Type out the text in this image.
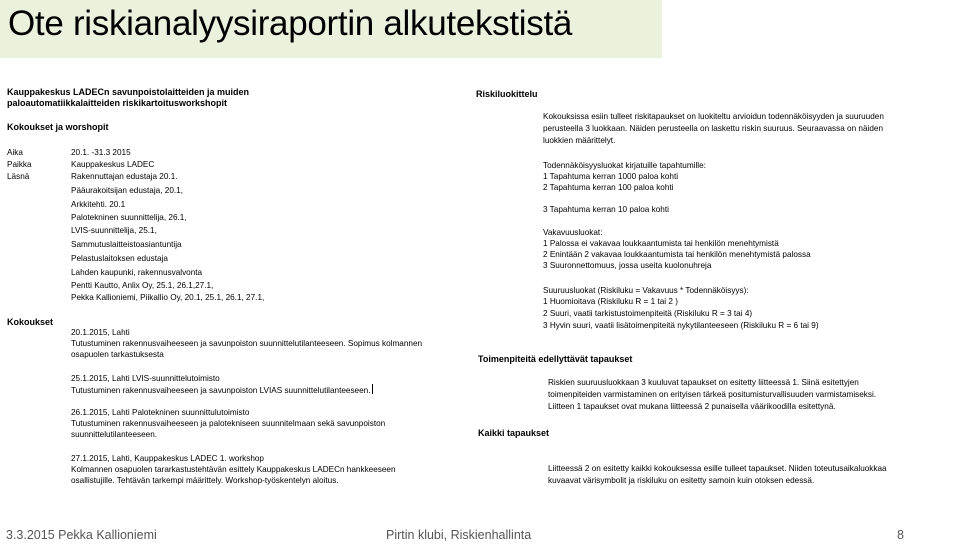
Ote riskianalyysiraportin alkutekstistä
Kauppakeskus LADECn savunpoistolaitteiden ja muiden
paloautomatiikkalaitteiden riskikartoitusworkshopit
Kokoukset ja worshopit
Aika	20.1. -31.3 2015
Paikka	Kauppakeskus LADEC
Läsnä	Rakennuttajan edustaja 20.1.
Pääurakoitsijan edustaja, 20.1,
Arkkitehti. 20.1
Palotekninen suunnittelija, 26.1,
LVIS-suunnittelija, 25.1,
Sammutuslaitteistoasiantuntija
Pelastuslaitoksen edustaja
Lahden kaupunki, rakennusvalvonta
Pentti Kautto, Anlix Oy, 25.1, 26.1,27.1,
Pekka Kallioniemi, Piikallio Oy, 20.1, 25.1, 26.1, 27.1,
Kokoukset
20.1.2015, Lahti
Tutustuminen rakennusvaiheeseen ja savunpoiston suunnittelutilanteeseen. Sopimus kolmannen
osapuolen tarkastuksesta
25.1.2015, Lahti LVIS-suunnittelutoimisto
Tutustuminen rakennusvaiheeseen ja savunpoiston LVIAS suunnittelutilanteeseen.
26.1.2015, Lahti Palotekninen suunnittulutoimisto
Tutustuminen rakennusvaiheeseen ja palotekniseen suunnitelmaan sekä savunpoiston
suunnittelutilanteeseen.
27.1.2015, Lahti, Kauppakeskus LADEC 1. workshop
Kolmannen osapuolen tararkastustehtävän esittely Kauppakeskus LADECn hankkeeseen
osallistujille. Tehtävän tarkempi määrittely. Workshop-työskentelyn aloitus.
Riskiluokittelu
Kokouksissa esiin tulleet riskitapaukset on luokiteltu arvioidun todennäköisyyden ja suuruuden
perusteella 3 luokkaan. Näiden perusteella on laskettu riskin suuruus. Seuraavassa on näiden
luokkien määrittelyt.
Todennäköisyysluokat kirjatuille tapahtumille:
1 Tapahtuma kerran 1000 paloa kohti
2 Tapahtuma kerran 100 paloa kohti
3 Tapahtuma kerran 10 paloa kohti
Vakavuusluokat:
1 Palossa ei vakavaa loukkaantumista tai henkilön menehtymistä
2 Enintään 2 vakavaa loukkaantumista tai henkilön menehtymistä palossa
3 Suuronnettomuus, jossa useita kuolonuhreja
Suuruusluokat (Riskiluku = Vakavuus * Todennäköisyys):
1 Huomioitava (Riskiluku R = 1 tai 2 )
2 Suuri, vaatii tarkistustoimenpiteitä (Riskiluku R = 3 tai 4)
3 Hyvin suuri, vaatii lisätoimenpiteitä nykytilanteeseen (Riskiluku R = 6 tai 9)
Toimenpiteitä edellyttävät tapaukset
Riskien suuruusluokkaan 3 kuuluvat tapaukset on esitetty liitteessä 1. Siinä esitettyjen
toimenpiteiden varmistaminen on erityisen tärkeä positumisturvallisuuden varmistamiseksi.
Liitteen 1 tapaukset ovat mukana liitteessä 2 punaisella väärikoodilla esitettynä.
Kaikki tapaukset
Liitteessä 2 on esitetty kaikki kokouksessa esille tulleet tapaukset. Niiden toteutusaikaluokkaa
kuvaavat värisymbolit ja riskiluku on esitetty samoin kuin otoksen edessä.
3.3.2015 Pekka Kallioniemi	Pirtin klubi, Riskienhallinta	8
